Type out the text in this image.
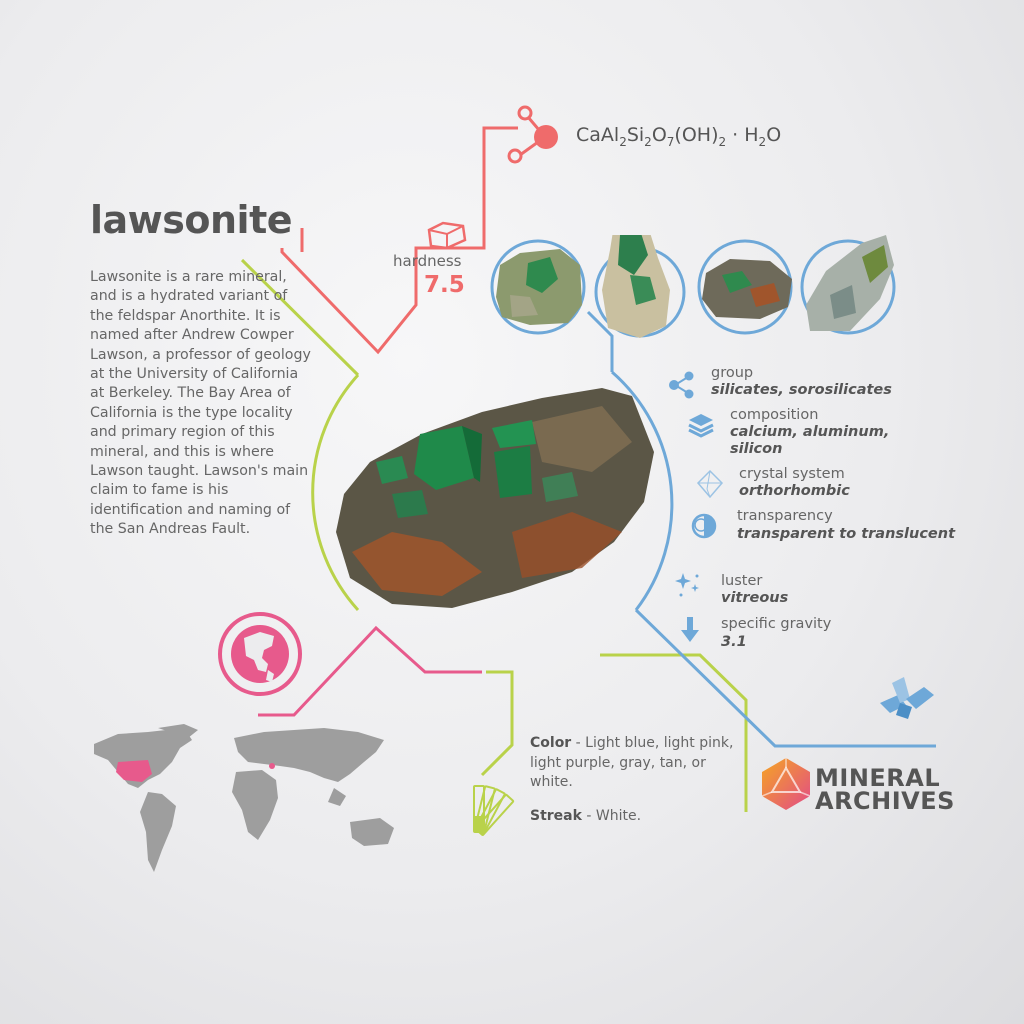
lawsonite
Lawsonite is a rare mineral, and is a hydrated variant of the feldspar Anorthite. It is named after Andrew Cowper Lawson, a professor of geology at the University of California at Berkeley. The Bay Area of California is the type locality and primary region of this mineral, and this is where Lawson taught. Lawson's main claim to fame is his identification and naming of the San Andreas Fault.
$CaAl_2Si_2O_7(OH)_2 \cdot H_2O$
hardness
7.5
group
silicates, sorosilicates
composition
calcium, aluminum,
silicon
crystal system
orthorhombic
transparency
transparent to translucent
luster
vitreous
specific gravity
3.1
Color - Light blue, light pink, light purple, gray, tan, or white.
Streak - White.
MINERAL
ARCHIVES
